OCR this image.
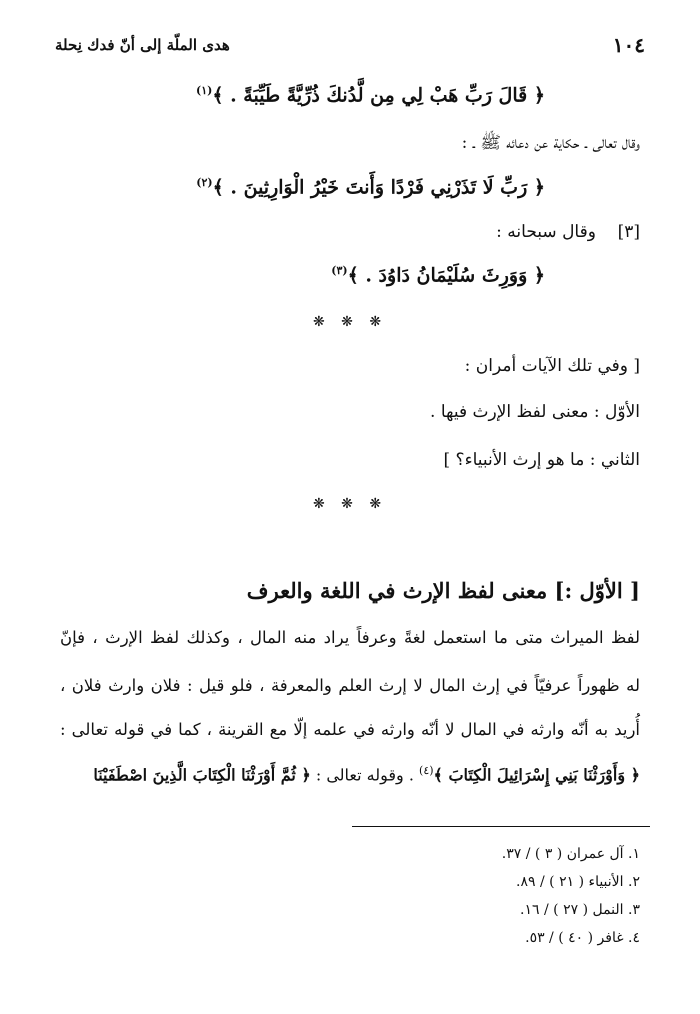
١٠٤
هدى الملّة إلى أنّ فدك نِحلة
﴿ قَالَ رَبِّ هَبْ لِي مِن لَّدُنكَ ذُرِّيَّةً طَيِّبَةً . ﴾$^{(١)}$
وقال تعالى ـ حكاية عن دعائه ﷺ ـ :
﴿ رَبِّ لَا تَذَرْنِي فَرْدًا وَأَنتَ خَيْرُ الْوَارِثِينَ . ﴾$^{(٢)}$
[٣]    وقال سبحانه :
﴿ وَوَرِثَ سُلَيْمَانُ دَاوُدَ . ﴾$^{(٣)}$
❋ ❋ ❋
[ وفي تلك الآيات أمران :
الأوّل : معنى لفظ الإرث فيها .
الثاني : ما هو إرث الأنبياء؟ ]
❋ ❋ ❋
[ الأوّل :] معنى لفظ الإرث في اللغة والعرف
لفظ الميراث متى ما استعمل لغةً وعرفاً يراد منه المال ، وكذلك لفظ الإرث ، فإنّ
له ظهوراً عرفيّاً في إرث المال لا إرث العلم والمعرفة ، فلو قيل : فلان وارث فلان ،
أُريد به أنّه وارثه في المال لا أنّه وارثه في علمه إلّا مع القرينة ، كما في قوله تعالى :
﴿ وَأَوْرَثْنَا بَنِي إِسْرَائِيلَ الْكِتَابَ ﴾$^{(٤)}$ . وقوله تعالى : ﴿ ثُمَّ أَوْرَثْنَا الْكِتَابَ الَّذِينَ اصْطَفَيْنَا
١. آل عمران ( ٣ ) / ٣٧.
٢. الأنبياء ( ٢١ ) / ٨٩.
٣. النمل ( ٢٧ ) / ١٦.
٤. غافر ( ٤٠ ) / ٥٣.
